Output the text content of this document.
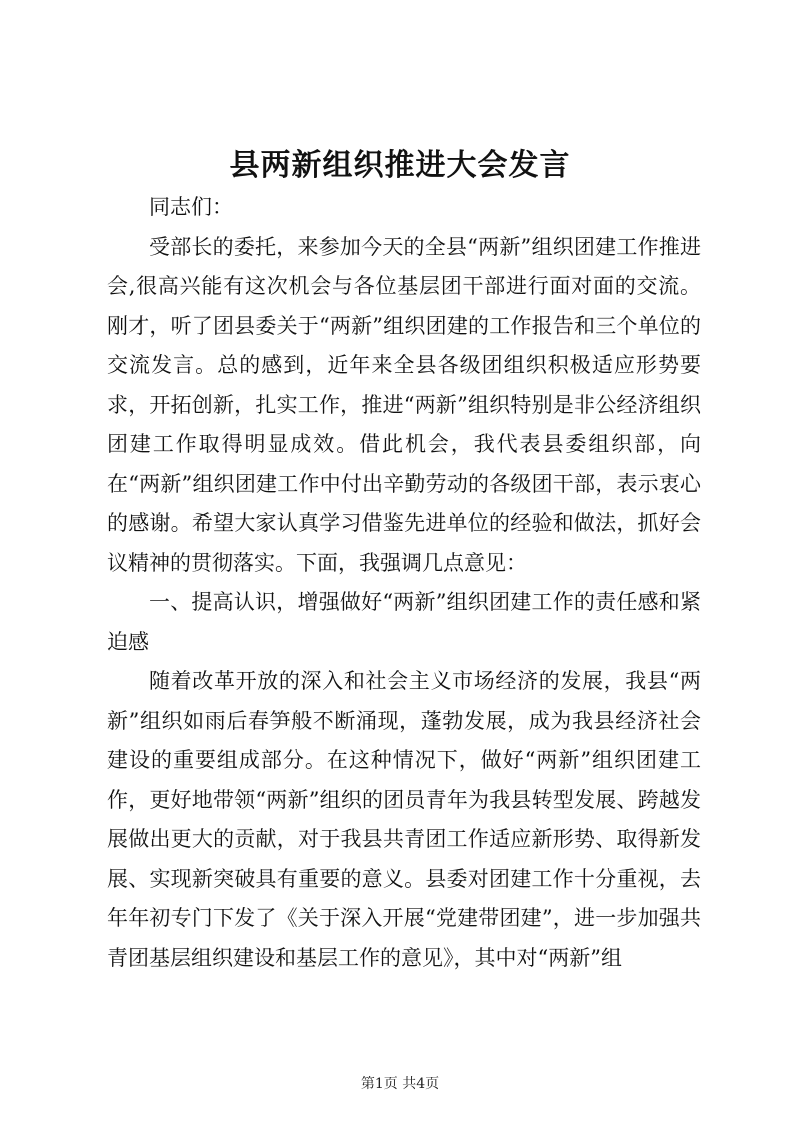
县两新组织推进大会发言

同志们：

受部长的委托，来参加今天的全县“两新”组织团建工作推进会,很高兴能有这次机会与各位基层团干部进行面对面的交流。刚才，听了团县委关于“两新”组织团建的工作报告和三个单位的交流发言。总的感到，近年来全县各级团组织积极适应形势要求，开拓创新，扎实工作，推进“两新”组织特别是非公经济组织团建工作取得明显成效。借此机会，我代表县委组织部，向在“两新”组织团建工作中付出辛勤劳动的各级团干部，表示衷心的感谢。希望大家认真学习借鉴先进单位的经验和做法，抓好会议精神的贯彻落实。下面，我强调几点意见：

一、提高认识，增强做好“两新”组织团建工作的责任感和紧迫感

随着改革开放的深入和社会主义市场经济的发展，我县“两新”组织如雨后春笋般不断涌现，蓬勃发展，成为我县经济社会建设的重要组成部分。在这种情况下，做好“两新”组织团建工作，更好地带领“两新”组织的团员青年为我县转型发展、跨越发展做出更大的贡献，对于我县共青团工作适应新形势、取得新发展、实现新突破具有重要的意义。县委对团建工作十分重视，去年年初专门下发了《关于深入开展“党建带团建”，进一步加强共青团基层组织建设和基层工作的意见》，其中对“两新”组

第1页 共4页
